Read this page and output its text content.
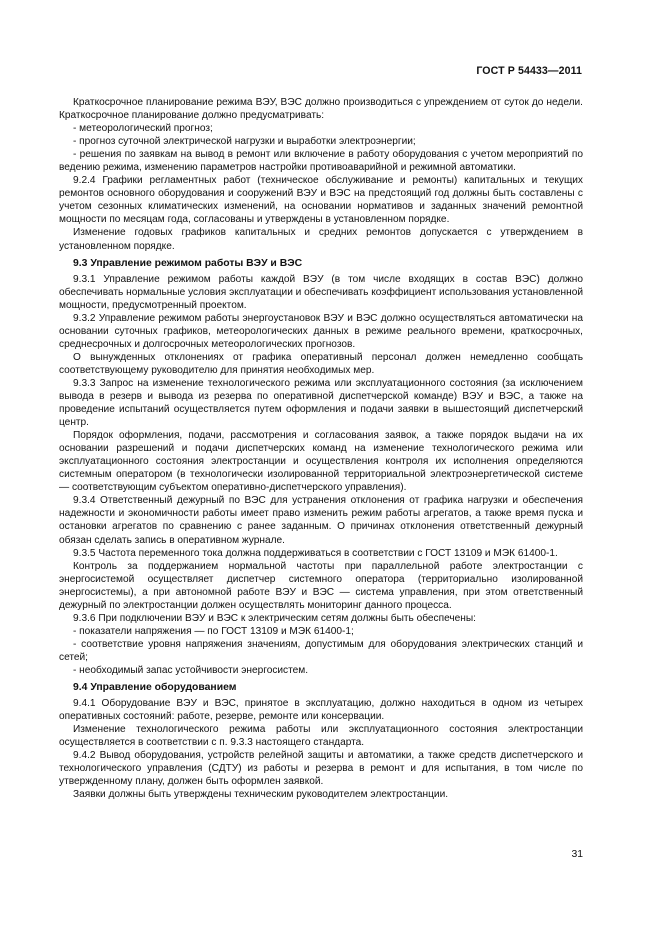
ГОСТ Р 54433—2011

Краткосрочное планирование режима ВЭУ, ВЭС должно производиться с упреждением от суток до недели. Краткосрочное планирование должно предусматривать:

- метеорологический прогноз;

- прогноз суточной электрической нагрузки и выработки электроэнергии;

- решения по заявкам на вывод в ремонт или включение в работу оборудования с учетом мероприятий по ведению режима, изменению параметров настройки противоаварийной и режимной автоматики.

9.2.4 Графики регламентных работ (техническое обслуживание и ремонты) капитальных и текущих ремонтов основного оборудования и сооружений ВЭУ и ВЭС на предстоящий год должны быть составлены с учетом сезонных климатических изменений, на основании нормативов и заданных значений ремонтной мощности по месяцам года, согласованы и утверждены в установленном порядке.

Изменение годовых графиков капитальных и средних ремонтов допускается с утверждением в установленном порядке.

9.3 Управление режимом работы ВЭУ и ВЭС

9.3.1 Управление режимом работы каждой ВЭУ (в том числе входящих в состав ВЭС) должно обеспечивать нормальные условия эксплуатации и обеспечивать коэффициент использования установленной мощности, предусмотренный проектом.

9.3.2 Управление режимом работы энергоустановок ВЭУ и ВЭС должно осуществляться автоматически на основании суточных графиков, метеорологических данных в режиме реального времени, краткосрочных, среднесрочных и долгосрочных метеорологических прогнозов.

О вынужденных отклонениях от графика оперативный персонал должен немедленно сообщать соответствующему руководителю для принятия необходимых мер.

9.3.3 Запрос на изменение технологического режима или эксплуатационного состояния (за исключением вывода в резерв и вывода из резерва по оперативной диспетчерской команде) ВЭУ и ВЭС, а также на проведение испытаний осуществляется путем оформления и подачи заявки в вышестоящий диспетчерский центр.

Порядок оформления, подачи, рассмотрения и согласования заявок, а также порядок выдачи на их основании разрешений и подачи диспетчерских команд на изменение технологического режима или эксплуатационного состояния электростанции и осуществления контроля их исполнения определяются системным оператором (в технологически изолированной территориальной электроэнергетической системе — соответствующим субъектом оперативно-диспетчерского управления).

9.3.4 Ответственный дежурный по ВЭС для устранения отклонения от графика нагрузки и обеспечения надежности и экономичности работы имеет право изменить режим работы агрегатов, а также время пуска и остановки агрегатов по сравнению с ранее заданным. О причинах отклонения ответственный дежурный обязан сделать запись в оперативном журнале.

9.3.5 Частота переменного тока должна поддерживаться в соответствии с ГОСТ 13109 и МЭК 61400-1.

Контроль за поддержанием нормальной частоты при параллельной работе электростанции с энергосистемой осуществляет диспетчер системного оператора (территориально изолированной энергосистемы), а при автономной работе ВЭУ и ВЭС — система управления, при этом ответственный дежурный по электростанции должен осуществлять мониторинг данного процесса.

9.3.6 При подключении ВЭУ и ВЭС к электрическим сетям должны быть обеспечены:

- показатели напряжения — по ГОСТ 13109 и МЭК 61400-1;

- соответствие уровня напряжения значениям, допустимым для оборудования электрических станций и сетей;

- необходимый запас устойчивости энергосистем.

9.4 Управление оборудованием

9.4.1 Оборудование ВЭУ и ВЭС, принятое в эксплуатацию, должно находиться в одном из четырех оперативных состояний: работе, резерве, ремонте или консервации.

Изменение технологического режима работы или эксплуатационного состояния электростанции осуществляется в соответствии с п. 9.3.3 настоящего стандарта.

9.4.2 Вывод оборудования, устройств релейной защиты и автоматики, а также средств диспетчерского и технологического управления (СДТУ) из работы и резерва в ремонт и для испытания, в том числе по утвержденному плану, должен быть оформлен заявкой.

Заявки должны быть утверждены техническим руководителем электростанции.

31
